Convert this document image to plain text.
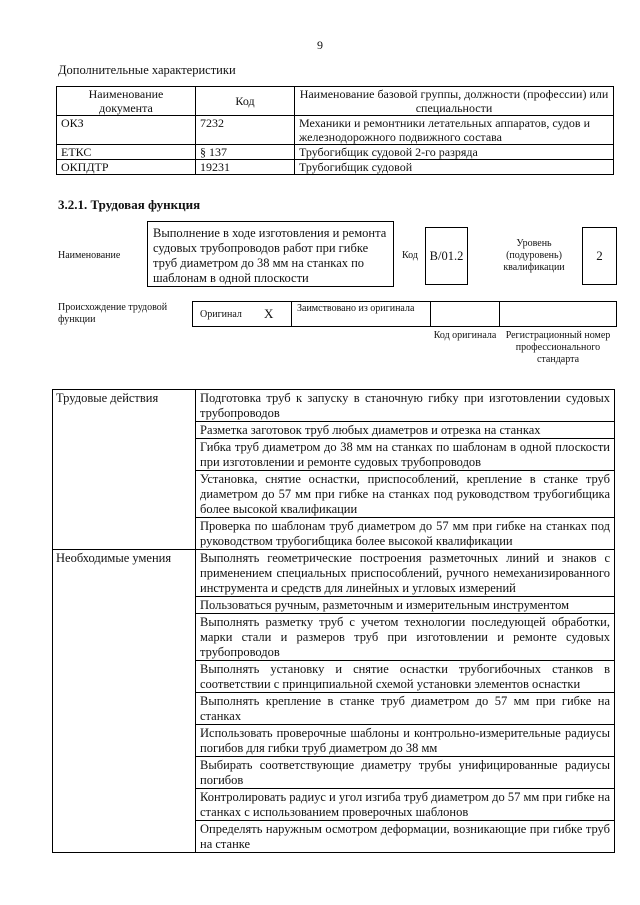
9
Дополнительные характеристики
Наименование документа	Код	Наименование базовой группы, должности (профессии) или специальности
ОКЗ	7232	Механики и ремонтники летательных аппаратов, судов и железнодорожного подвижного состава
ЕТКС	§ 137	Трубогибщик судовой 2-го разряда
ОКПДТР	19231	Трубогибщик судовой
3.2.1. Трудовая функция
Наименование
Выполнение в ходе изготовления и ремонта судовых трубопроводов работ при гибке труб диаметром до 38 мм на станках по шаблонам в одной плоскости
Код B/01.2
Уровень (подуровень) квалификации
2
Происхождение трудовой функции	Оригинал X Заимствовано из оригинала
Код оригинала Регистрационный номер профессионального стандарта
Трудовые действия	Подготовка труб к запуску в станочную гибку при изготовлении судовых трубопроводов
	Разметка заготовок труб любых диаметров и отрезка на станках
	Гибка труб диаметром до 38 мм на станках по шаблонам в одной плоскости при изготовлении и ремонте судовых трубопроводов
	Установка, снятие оснастки, приспособлений, крепление в станке труб диаметром до 57 мм при гибке на станках под руководством трубогибщика более высокой квалификации
	Проверка по шаблонам труб диаметром до 57 мм при гибке на станках под руководством трубогибщика более высокой квалификации
Необходимые умения	Выполнять геометрические построения разметочных линий и знаков с применением специальных приспособлений, ручного немеханизированного инструмента и средств для линейных и угловых измерений
	Пользоваться ручным, разметочным и измерительным инструментом
	Выполнять разметку труб с учетом технологии последующей обработки, марки стали и размеров труб при изготовлении и ремонте судовых трубопроводов
	Выполнять установку и снятие оснастки трубогибочных станков в соответствии с принципиальной схемой установки элементов оснастки
	Выполнять крепление в станке труб диаметром до 57 мм при гибке на станках
	Использовать проверочные шаблоны и контрольно-измерительные радиусы погибов для гибки труб диаметром до 38 мм
	Выбирать соответствующие диаметру трубы унифицированные радиусы погибов
	Контролировать радиус и угол изгиба труб диаметром до 57 мм при гибке на станках с использованием проверочных шаблонов
	Определять наружным осмотром деформации, возникающие при гибке труб на станке
